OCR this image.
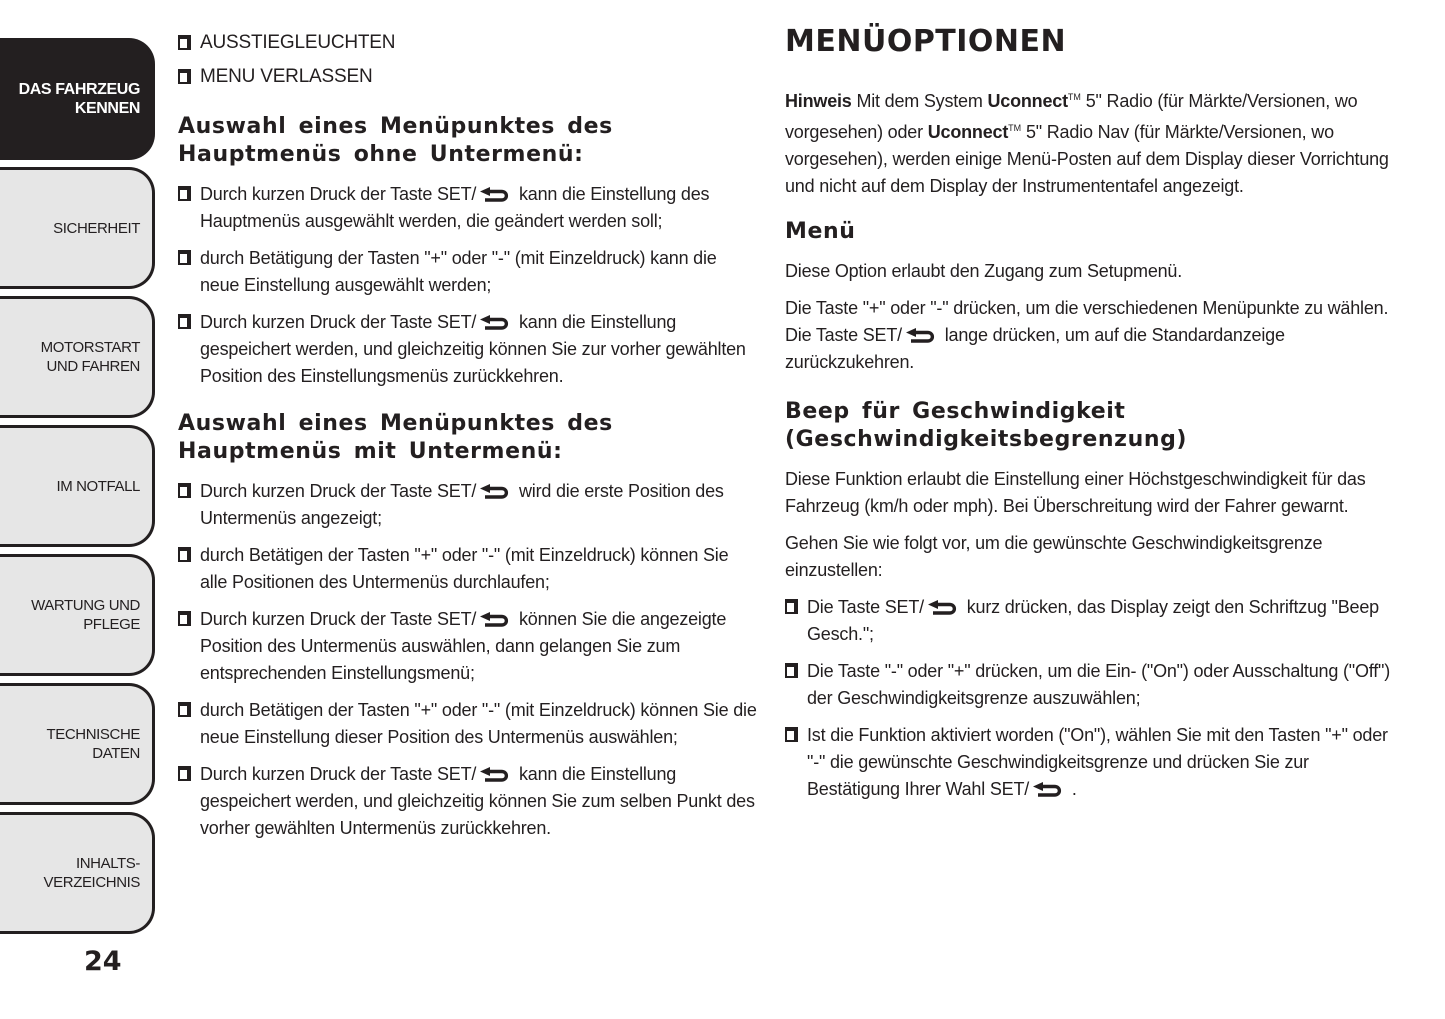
DAS FAHRZEUG KENNEN
SICHERHEIT
MOTORSTART UND FAHREN
IM NOTFALL
WARTUNG UND PFLEGE
TECHNISCHE DATEN
INHALTS-VERZEICHNIS
24
AUSSTIEGLEUCHTEN
MENU VERLASSEN
Auswahl eines Menüpunktes des
Hauptmenüs ohne Untermenü:
Durch kurzen Druck der Taste SET/ kann die Einstellung des Hauptmenüs ausgewählt werden, die geändert werden soll;
durch Betätigung der Tasten "+" oder "-" (mit Einzeldruck) kann die neue Einstellung ausgewählt werden;
Durch kurzen Druck der Taste SET/ kann die Einstellung gespeichert werden, und gleichzeitig können Sie zur vorher gewählten Position des Einstellungsmenüs zurückkehren.
Auswahl eines Menüpunktes des
Hauptmenüs mit Untermenü:
Durch kurzen Druck der Taste SET/ wird die erste Position des Untermenüs angezeigt;
durch Betätigen der Tasten "+" oder "-" (mit Einzeldruck) können Sie alle Positionen des Untermenüs durchlaufen;
Durch kurzen Druck der Taste SET/ können Sie die angezeigte Position des Untermenüs auswählen, dann gelangen Sie zum entsprechenden Einstellungsmenü;
durch Betätigen der Tasten "+" oder "-" (mit Einzeldruck) können Sie die neue Einstellung dieser Position des Untermenüs auswählen;
Durch kurzen Druck der Taste SET/ kann die Einstellung gespeichert werden, und gleichzeitig können Sie zum selben Punkt des vorher gewählten Untermenüs zurückkehren.
MENÜOPTIONEN

Hinweis Mit dem System Uconnect™ 5" Radio (für Märkte/Versionen, wo vorgesehen) oder Uconnect™ 5" Radio Nav (für Märkte/Versionen, wo vorgesehen), werden einige Menü-Posten auf dem Display dieser Vorrichtung und nicht auf dem Display der Instrumententafel angezeigt.

Menü

Diese Option erlaubt den Zugang zum Setupmenü.

Die Taste "+" oder "-" drücken, um die verschiedenen Menüpunkte zu wählen. Die Taste SET/ lange drücken, um auf die Standardanzeige zurückzukehren.

Beep für Geschwindigkeit
(Geschwindigkeitsbegrenzung)

Diese Funktion erlaubt die Einstellung einer Höchstgeschwindigkeit für das Fahrzeug (km/h oder mph). Bei Überschreitung wird der Fahrer gewarnt.

Gehen Sie wie folgt vor, um die gewünschte Geschwindigkeitsgrenze einzustellen:

Die Taste SET/ kurz drücken, das Display zeigt den Schriftzug "Beep Gesch.";
Die Taste "-" oder "+" drücken, um die Ein- ("On") oder Ausschaltung ("Off") der Geschwindigkeitsgrenze auszuwählen;
Ist die Funktion aktiviert worden ("On"), wählen Sie mit den Tasten "+" oder "-" die gewünschte Geschwindigkeitsgrenze und drücken Sie zur Bestätigung Ihrer Wahl SET/ .
